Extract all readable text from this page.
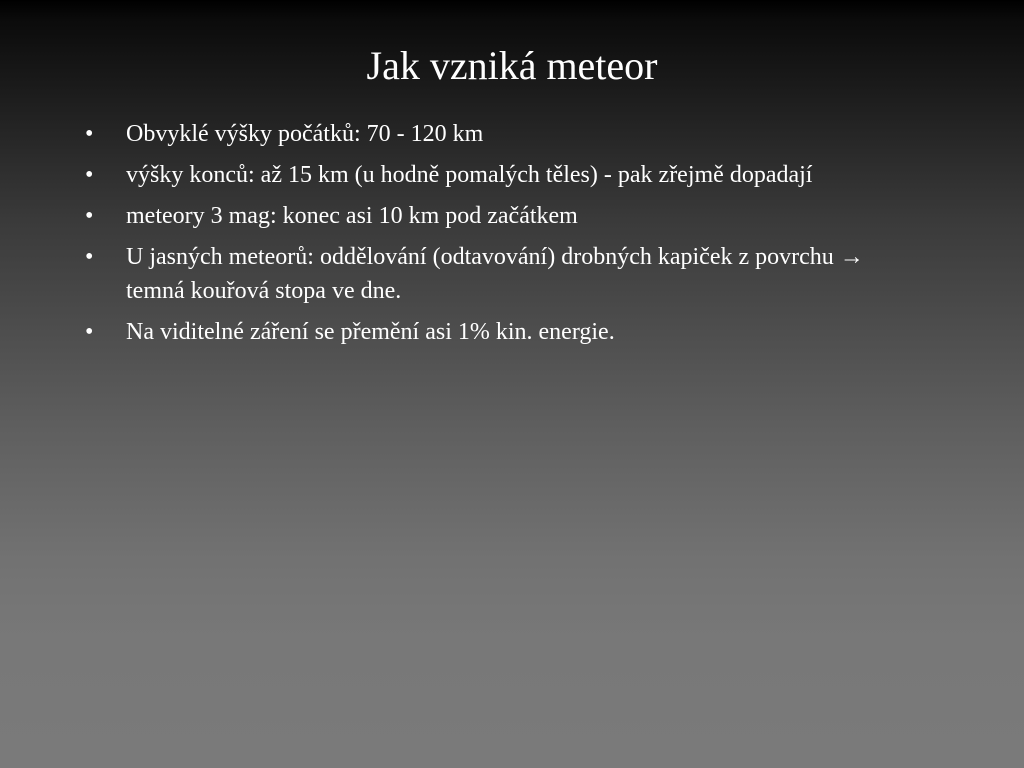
Jak vzniká meteor
•	Obvyklé výšky počátků: 70 - 120 km
•	výšky konců: až 15 km (u hodně pomalých těles) - pak zřejmě dopadají
•	meteory 3 mag: konec asi 10 km pod začátkem
•	U jasných meteorů: oddělování (odtavování) drobných kapiček z povrchu → temná kouřová stopa ve dne.
•	Na viditelné záření se přemění asi 1% kin. energie.
